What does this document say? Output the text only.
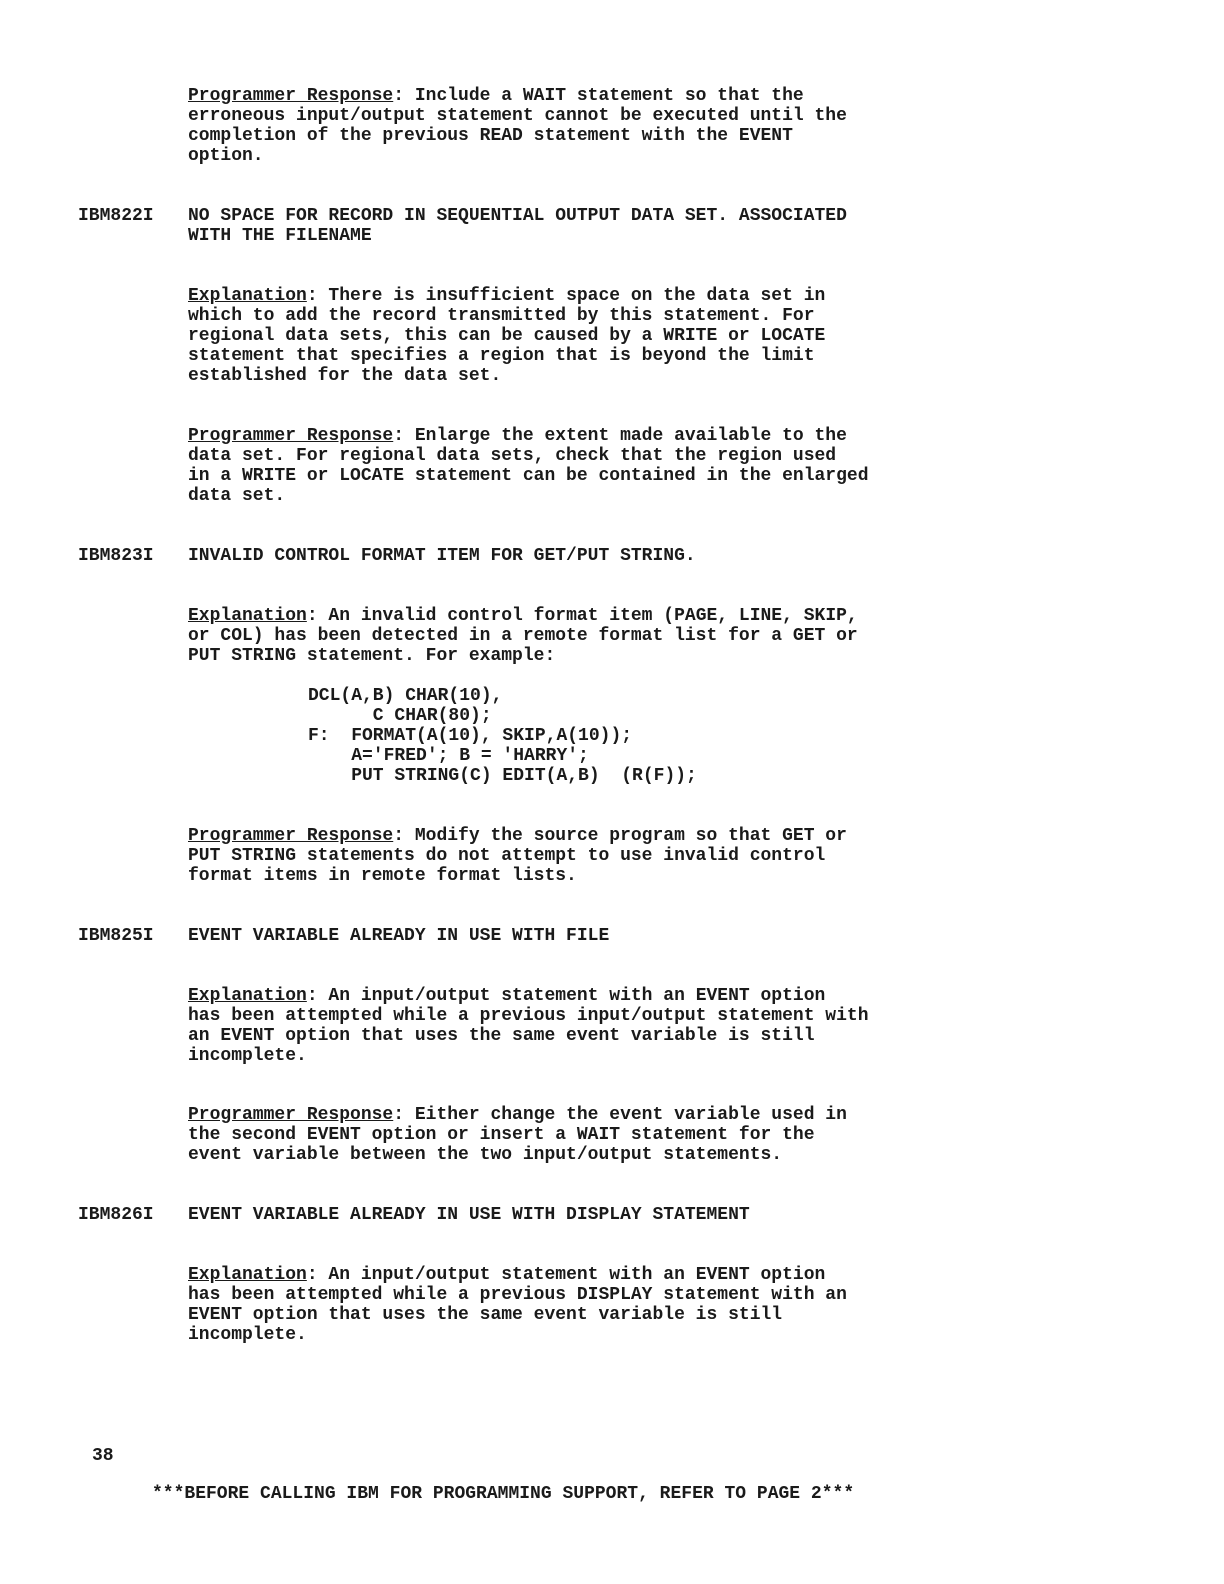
Programmer Response: Include a WAIT statement so that the
erroneous input/output statement cannot be executed until the
completion of the previous READ statement with the EVENT
option.
IBM822I NO SPACE FOR RECORD IN SEQUENTIAL OUTPUT DATA SET. ASSOCIATED
WITH THE FILENAME
Explanation: There is insufficient space on the data set in
which to add the record transmitted by this statement. For
regional data sets, this can be caused by a WRITE or LOCATE
statement that specifies a region that is beyond the limit
established for the data set.
Programmer Response: Enlarge the extent made available to the
data set. For regional data sets, check that the region used
in a WRITE or LOCATE statement can be contained in the enlarged
data set.
IBM823I INVALID CONTROL FORMAT ITEM FOR GET/PUT STRING.
Explanation: An invalid control format item (PAGE, LINE, SKIP,
or COL) has been detected in a remote format list for a GET or
PUT STRING statement. For example:
DCL(A,B) CHAR(10),
C CHAR(80);
F:  FORMAT(A(10), SKIP,A(10));
A='FRED'; B = 'HARRY';
PUT STRING(C) EDIT(A,B)  (R(F));
Programmer Response: Modify the source program so that GET or
PUT STRING statements do not attempt to use invalid control
format items in remote format lists.
IBM825I EVENT VARIABLE ALREADY IN USE WITH FILE
Explanation: An input/output statement with an EVENT option
has been attempted while a previous input/output statement with
an EVENT option that uses the same event variable is still
incomplete.
Programmer Response: Either change the event variable used in
the second EVENT option or insert a WAIT statement for the
event variable between the two input/output statements.
IBM826I EVENT VARIABLE ALREADY IN USE WITH DISPLAY STATEMENT
Explanation: An input/output statement with an EVENT option
has been attempted while a previous DISPLAY statement with an
EVENT option that uses the same event variable is still
incomplete.
38
***BEFORE CALLING IBM FOR PROGRAMMING SUPPORT, REFER TO PAGE 2***
